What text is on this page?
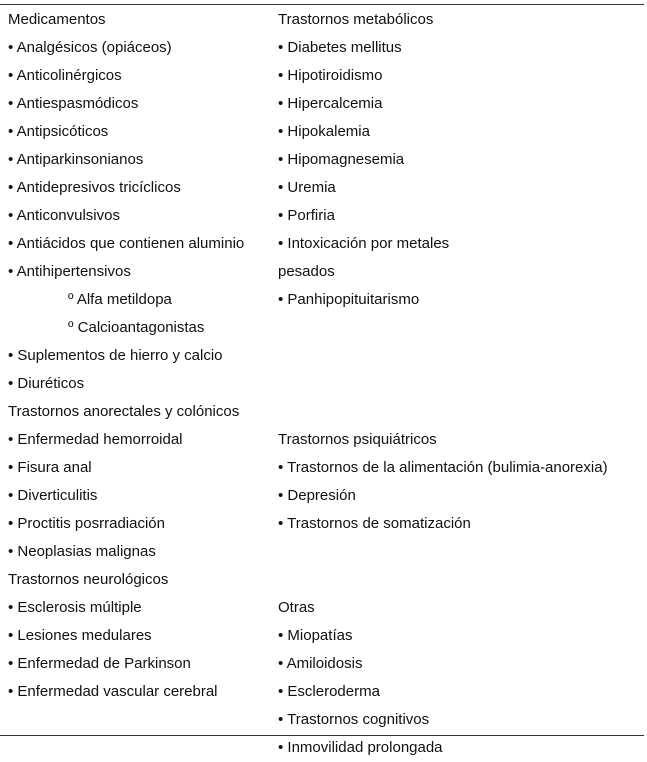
Medicamentos
• Analgésicos (opiáceos)
• Anticolinérgicos
• Antiespasmódicos
• Antipsicóticos
• Antiparkinsonianos
• Antidepresivos tricíclicos
• Anticonvulsivos
• Antiácidos que contienen aluminio
• Antihipertensivos
º Alfa metildopa
º Calcioantagonistas
• Suplementos de hierro y calcio
• Diuréticos
Trastornos anorectales y colónicos
• Enfermedad hemorroidal
• Fisura anal
• Diverticulitis
• Proctitis posrradiación
• Neoplasias malignas
Trastornos neurológicos
• Esclerosis múltiple
• Lesiones medulares
• Enfermedad de Parkinson
• Enfermedad vascular cerebral
Trastornos metabólicos
• Diabetes mellitus
• Hipotiroidismo
• Hipercalcemia
• Hipokalemia
• Hipomagnesemia
• Uremia
• Porfiria
• Intoxicación por metales
pesados
• Panhipopituitarismo
Trastornos psiquiátricos
• Trastornos de la alimentación (bulimia-anorexia)
• Depresión
• Trastornos de somatización
Otras
• Miopatías
• Amiloidosis
• Escleroderma
• Trastornos cognitivos
• Inmovilidad prolongada
